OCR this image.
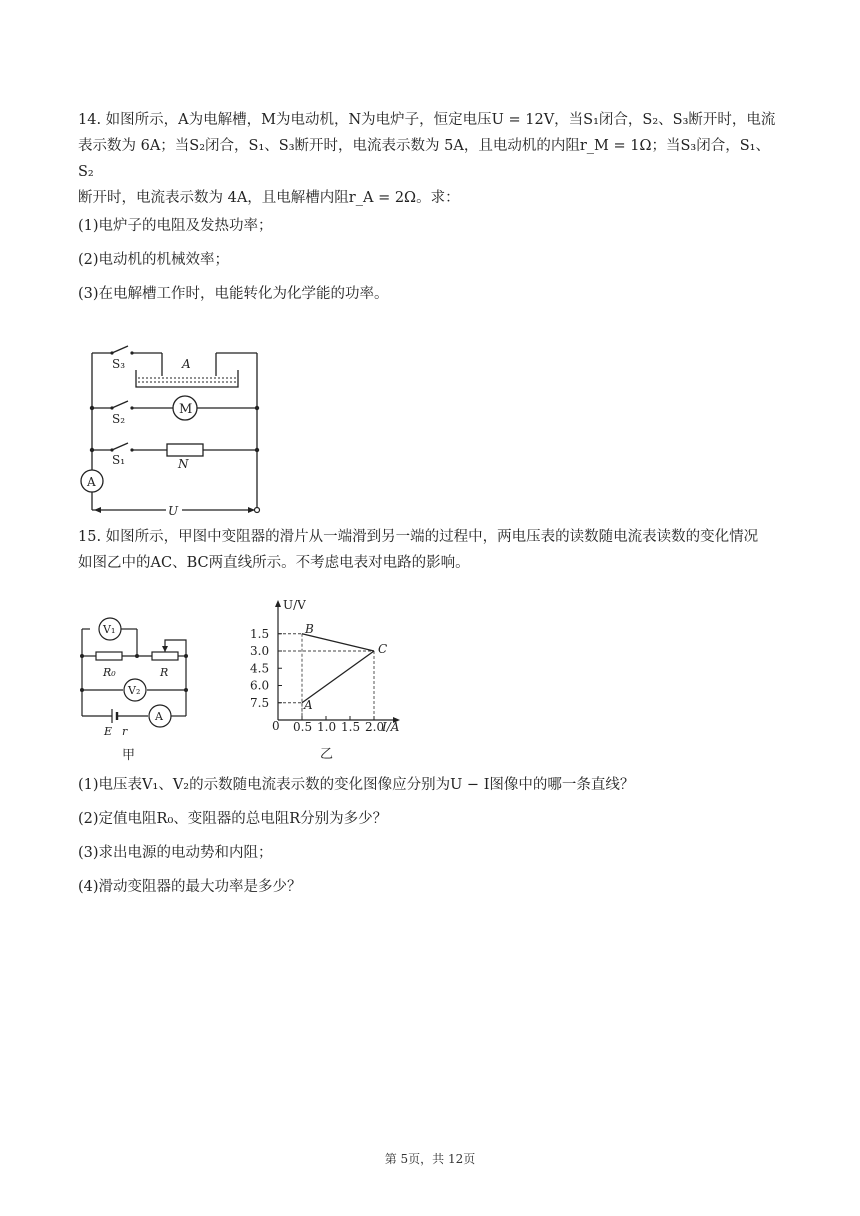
14. 如图所示，A为电解槽，M为电动机，N为电炉子，恒定电压U = 12V，当S₁闭合，S₂、S₃断开时，电流
表示数为 6A；当S₂闭合，S₁、S₃断开时，电流表示数为 5A，且电动机的内阻r_M = 1Ω；当S₃闭合，S₁、S₂
断开时，电流表示数为 4A，且电解槽内阻r_A = 2Ω。求：
(1)电炉子的电阻及发热功率；
(2)电动机的机械效率；
(3)在电解槽工作时，电能转化为化学能的功率。
S₃	A
S₂
M
S₁	N
A
U
15. 如图所示，甲图中变阻器的滑片从一端滑到另一端的过程中，两电压表的读数随电流表读数的变化情况
如图乙中的AC、BC两直线所示。不考虑电表对电路的影响。
V₁
R₀	R
V₂
E r
A
甲
7.5
6.0
4.5
3.0
1.5
0.5 1.0 1.5 2.0
A
B
C
U/V
I/A
0
乙
(1)电压表V₁、V₂的示数随电流表示数的变化图像应分别为U − I图像中的哪一条直线？
(2)定值电阻R₀、变阻器的总电阻R分别为多少？
(3)求出电源的电动势和内阻；
(4)滑动变阻器的最大功率是多少？
第 5页，共 12页
